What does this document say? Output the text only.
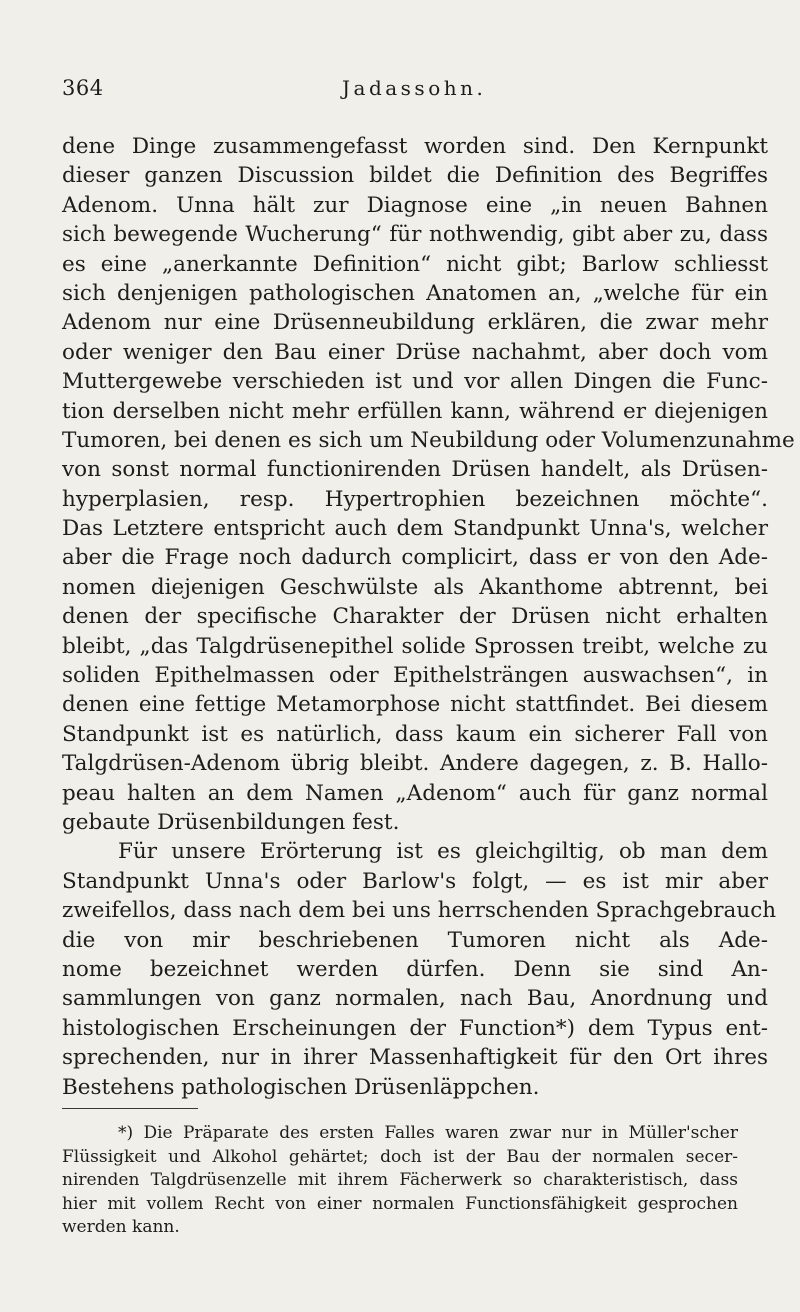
364	Jadassohn.
dene Dinge zusammengefasst worden sind. Den Kernpunkt
dieser ganzen Discussion bildet die Definition des Begriffes
Adenom. Unna hält zur Diagnose eine „in neuen Bahnen
sich bewegende Wucherung“ für nothwendig, gibt aber zu, dass
es eine „anerkannte Definition“ nicht gibt; Barlow schliesst
sich denjenigen pathologischen Anatomen an, „welche für ein
Adenom nur eine Drüsenneubildung erklären, die zwar mehr
oder weniger den Bau einer Drüse nachahmt, aber doch vom
Muttergewebe verschieden ist und vor allen Dingen die Func-
tion derselben nicht mehr erfüllen kann, während er diejenigen
Tumoren, bei denen es sich um Neubildung oder Volumenzunahme
von sonst normal functionirenden Drüsen handelt, als Drüsen-
hyperplasien, resp. Hypertrophien bezeichnen möchte“.
Das Letztere entspricht auch dem Standpunkt Unna's, welcher
aber die Frage noch dadurch complicirt, dass er von den Ade-
nomen diejenigen Geschwülste als Akanthome abtrennt, bei
denen der specifische Charakter der Drüsen nicht erhalten
bleibt, „das Talgdrüsenepithel solide Sprossen treibt, welche zu
soliden Epithelmassen oder Epithelsträngen auswachsen“, in
denen eine fettige Metamorphose nicht stattfindet. Bei diesem
Standpunkt ist es natürlich, dass kaum ein sicherer Fall von
Talgdrüsen-Adenom übrig bleibt. Andere dagegen, z. B. Hallo-
peau halten an dem Namen „Adenom“ auch für ganz normal
gebaute Drüsenbildungen fest.
Für unsere Erörterung ist es gleichgiltig, ob man dem
Standpunkt Unna's oder Barlow's folgt, — es ist mir aber
zweifellos, dass nach dem bei uns herrschenden Sprachgebrauch
die von mir beschriebenen Tumoren nicht als Ade-
nome bezeichnet werden dürfen. Denn sie sind An-
sammlungen von ganz normalen, nach Bau, Anordnung und
histologischen Erscheinungen der Function*) dem Typus ent-
sprechenden, nur in ihrer Massenhaftigkeit für den Ort ihres
Bestehens pathologischen Drüsenläppchen.
*) Die Präparate des ersten Falles waren zwar nur in Müller'scher
Flüssigkeit und Alkohol gehärtet; doch ist der Bau der normalen secer-
nirenden Talgdrüsenzelle mit ihrem Fächerwerk so charakteristisch, dass
hier mit vollem Recht von einer normalen Functionsfähigkeit gesprochen
werden kann.
